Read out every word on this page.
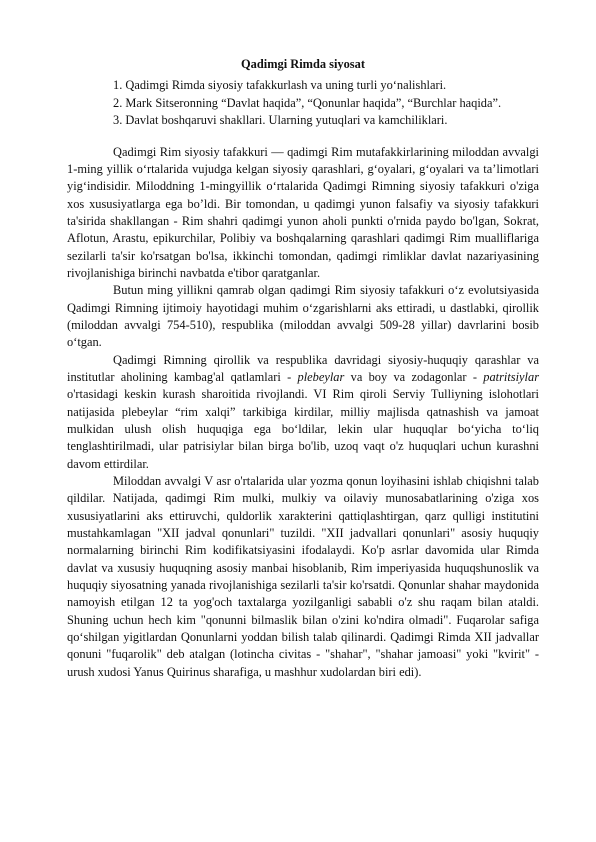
Qadimgi Rimda siyosat
1. Qadimgi Rimda siyosiy tafakkurlash va uning turli yo‘nalishlari.
2. Mark Sitseronning “Davlat haqida”, “Qonunlar haqida”, “Burchlar haqida”.
3. Davlat boshqaruvi shakllari. Ularning yutuqlari va kamchiliklari.

Qadimgi Rim siyosiy tafakkuri — qadimgi Rim mutafakkirlarining miloddan avvalgi 1-ming yillik o‘rtalarida vujudga kelgan siyosiy qarashlari, g‘oyalari, g‘oyalari va ta’limotlari yig‘indisidir. Miloddning 1-mingyillik o‘rtalarida Qadimgi Rimning siyosiy tafakkuri o'ziga xos xususiyatlarga ega bo’ldi. Bir tomondan, u qadimgi yunon falsafiy va siyosiy tafakkuri ta'sirida shakllangan - Rim shahri qadimgi yunon aholi punkti o'rnida paydo bo'lgan, Sokrat, Aflotun, Arastu, epikurchilar, Polibiy va boshqalarning qarashlari qadimgi Rim mualliflariga sezilarli ta'sir ko'rsatgan bo'lsa, ikkinchi tomondan, qadimgi rimliklar davlat nazariyasining rivojlanishiga birinchi navbatda e'tibor qaratganlar.

Butun ming yillikni qamrab olgan qadimgi Rim siyosiy tafakkuri o‘z evolutsiyasida Qadimgi Rimning ijtimoiy hayotidagi muhim o‘zgarishlarni aks ettiradi, u dastlabki, qirollik (miloddan avvalgi 754-510), respublika (miloddan avvalgi 509-28 yillar) davrlarini bosib o‘tgan.

Qadimgi Rimning qirollik va respublika davridagi siyosiy-huquqiy qarashlar va institutlar aholining kambag'al qatlamlari - plebeylar va boy va zodagonlar - patritsiylar o'rtasidagi keskin kurash sharoitida rivojlandi. VI Rim qiroli Serviy Tulliyning islohotlari natijasida plebeylar “rim xalqi” tarkibiga kirdilar, milliy majlisda qatnashish va jamoat mulkidan ulush olish huquqiga ega bo‘ldilar, lekin ular huquqlar bo‘yicha to‘liq tenglashtirilmadi, ular patrisiylar bilan birga bo'lib, uzoq vaqt o'z huquqlari uchun kurashni davom ettirdilar.

Miloddan avvalgi V asr o'rtalarida ular yozma qonun loyihasini ishlab chiqishni talab qildilar. Natijada, qadimgi Rim mulki, mulkiy va oilaviy munosabatlarining o'ziga xos xususiyatlarini aks ettiruvchi, quldorlik xarakterini qattiqlashtirgan, qarz qulligi institutini mustahkamlagan "XII jadval qonunlari" tuzildi. "XII jadvallari qonunlari" asosiy huquqiy normalarning birinchi Rim kodifikatsiyasini ifodalaydi. Ko'p asrlar davomida ular Rimda davlat va xususiy huquqning asosiy manbai hisoblanib, Rim imperiyasida huquqshunoslik va huquqiy siyosatning yanada rivojlanishiga sezilarli ta'sir ko'rsatdi. Qonunlar shahar maydonida namoyish etilgan 12 ta yog'och taxtalarga yozilganligi sababli o'z shu raqam bilan ataldi. Shuning uchun hech kim "qonunni bilmaslik bilan o'zini ko'ndira olmadi". Fuqarolar safiga qo‘shilgan yigitlardan Qonunlarni yoddan bilish talab qilinardi. Qadimgi Rimda XII jadvallar qonuni "fuqarolik" deb atalgan (lotincha civitas - "shahar", "shahar jamoasi" yoki "kvirit" - urush xudosi Yanus Quirinus sharafiga, u mashhur xudolardan biri edi).
